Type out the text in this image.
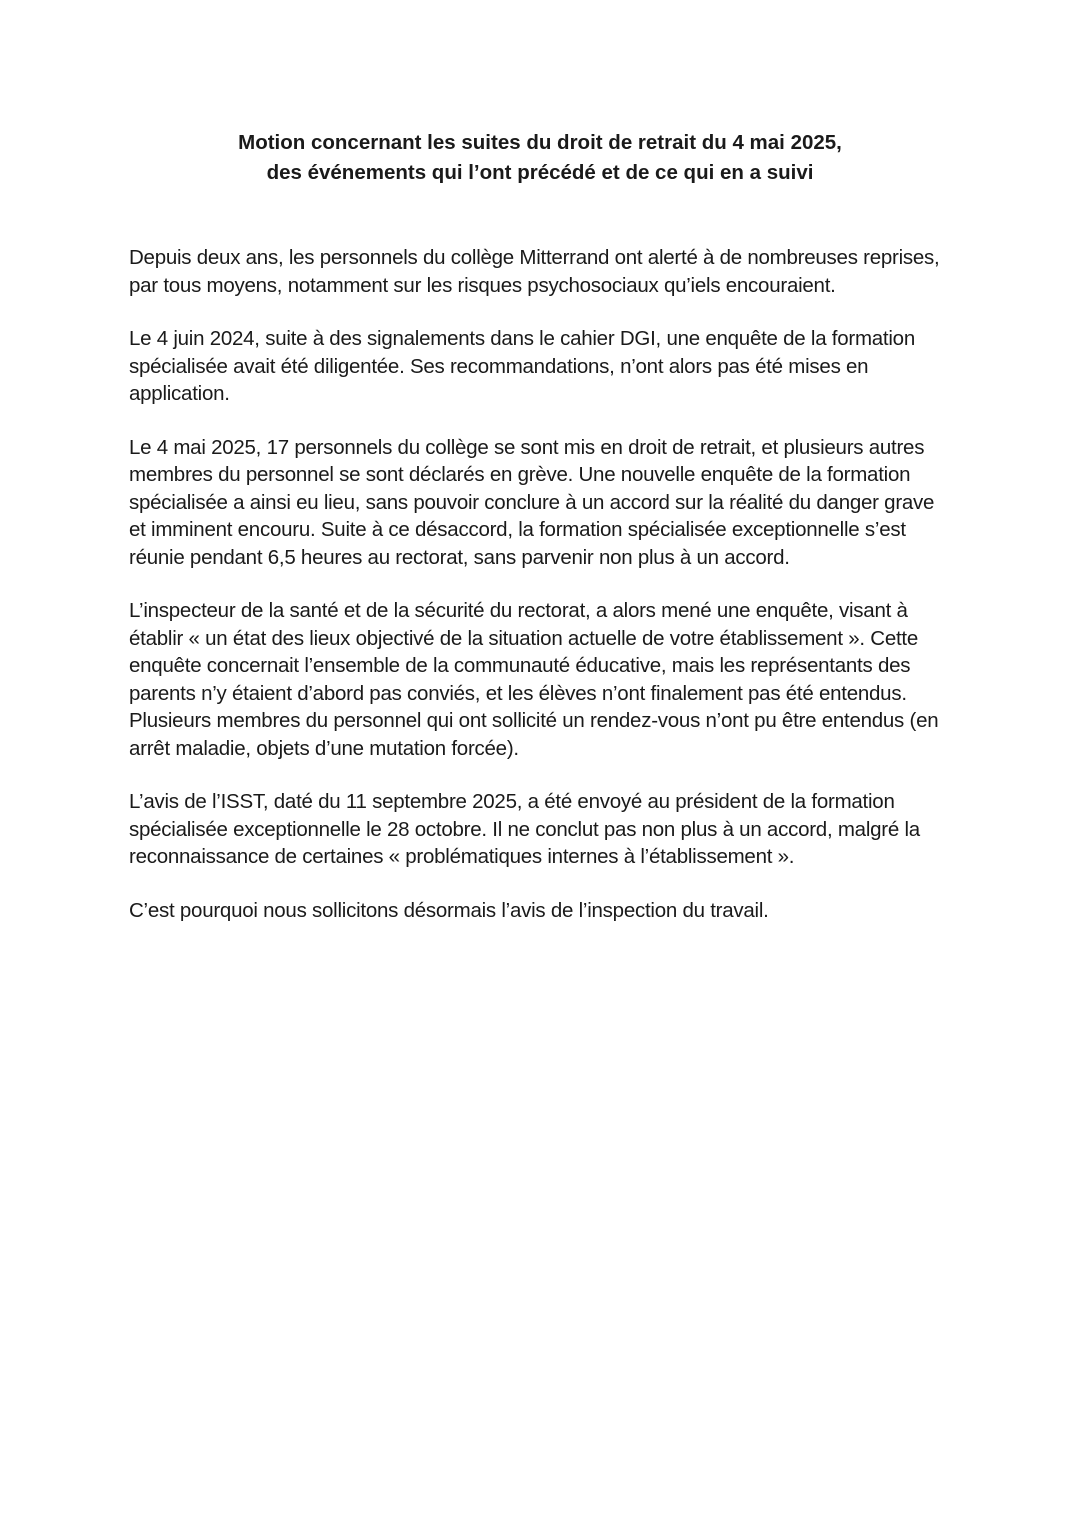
Motion concernant les suites du droit de retrait du 4 mai 2025,
des événements qui l’ont précédé et de ce qui en a suivi

Depuis deux ans, les personnels du collège Mitterrand ont alerté à de nombreuses reprises, par tous moyens, notamment sur les risques psychosociaux qu’iels encouraient.

Le 4 juin 2024, suite à des signalements dans le cahier DGI, une enquête de la formation spécialisée avait été diligentée. Ses recommandations, n’ont alors pas été mises en application.

Le 4 mai 2025, 17 personnels du collège se sont mis en droit de retrait, et plusieurs autres membres du personnel se sont déclarés en grève. Une nouvelle enquête de la formation spécialisée a ainsi eu lieu, sans pouvoir conclure à un accord sur la réalité du danger grave et imminent encouru. Suite à ce désaccord, la formation spécialisée exceptionnelle s’est réunie pendant 6,5 heures au rectorat, sans parvenir non plus à un accord.

L’inspecteur de la santé et de la sécurité du rectorat, a alors mené une enquête, visant à établir « un état des lieux objectivé de la situation actuelle de votre établissement ». Cette enquête concernait l’ensemble de la communauté éducative, mais les représentants des parents n’y étaient d’abord pas conviés, et les élèves n’ont finalement pas été entendus. Plusieurs membres du personnel qui ont sollicité un rendez-vous n’ont pu être entendus (en arrêt maladie, objets d’une mutation forcée).

L’avis de l’ISST, daté du 11 septembre 2025, a été envoyé au président de la formation spécialisée exceptionnelle le 28 octobre. Il ne conclut pas non plus à un accord, malgré la reconnaissance de certaines « problématiques internes à l’établissement ».

C’est pourquoi nous sollicitons désormais l’avis de l’inspection du travail.
